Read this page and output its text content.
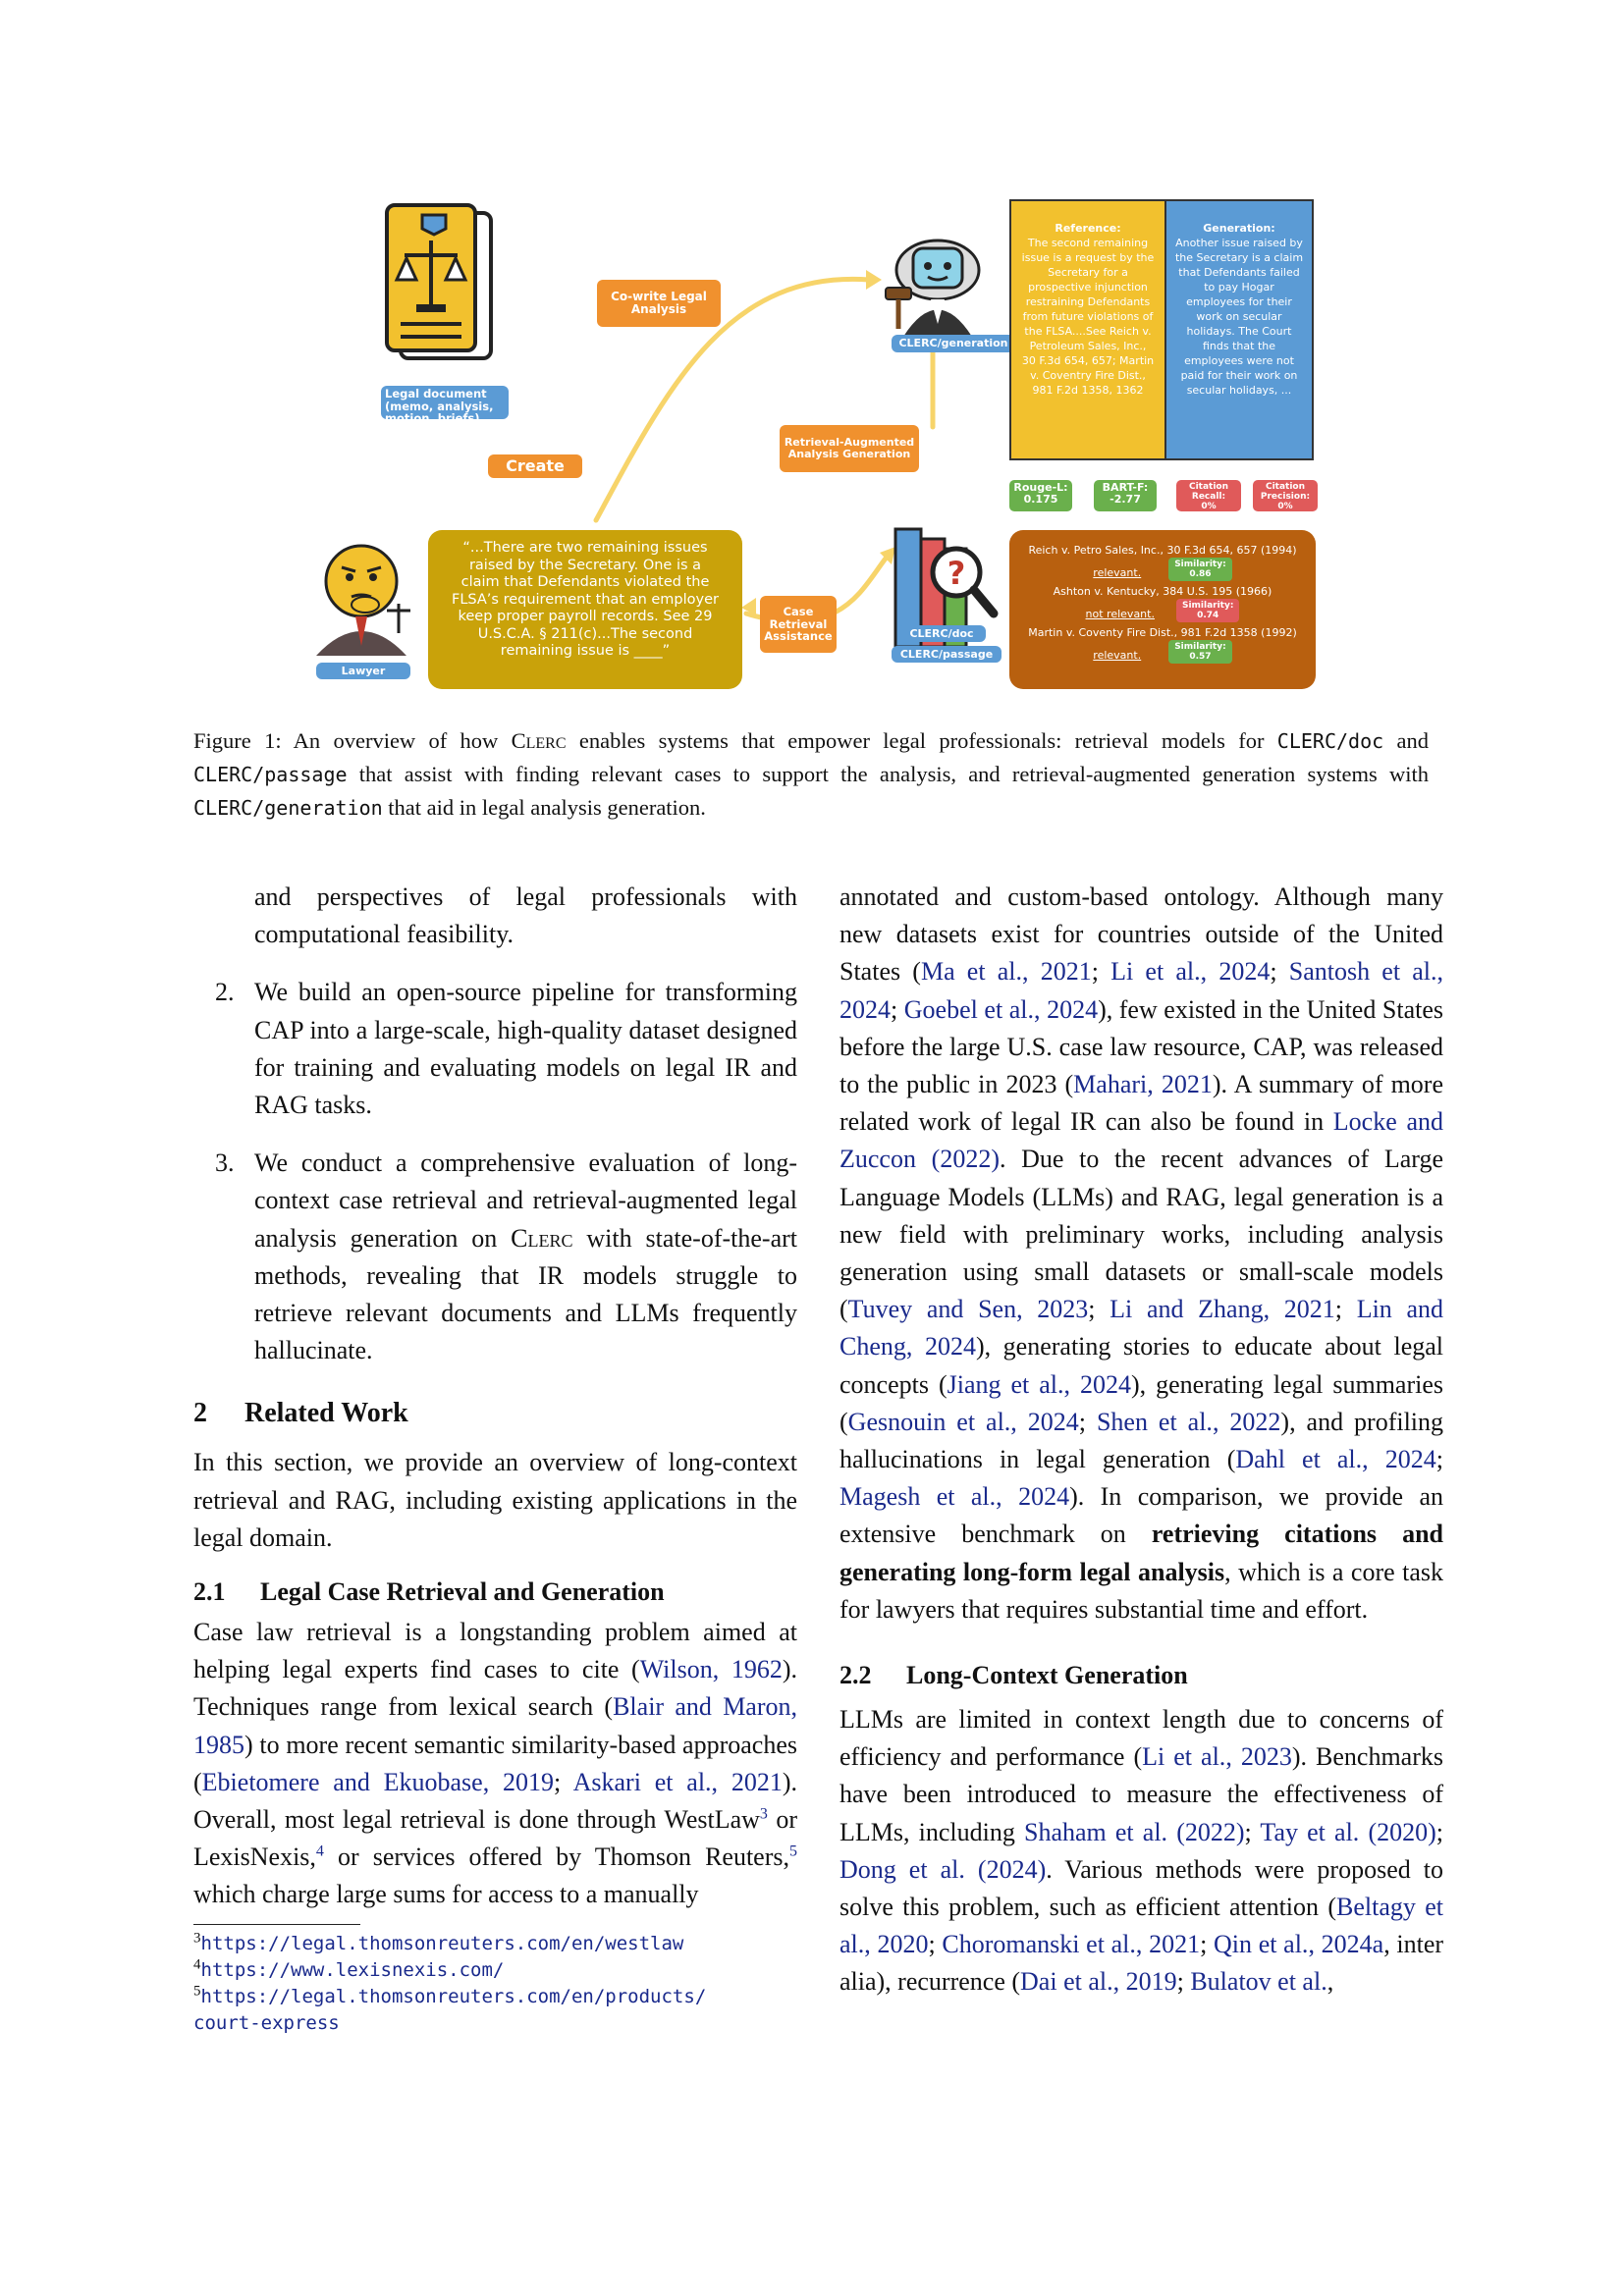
Legal document (memo, analysis, motion, briefs)
Create
Co-write Legal Analysis
Retrieval-Augmented Analysis Generation
CLERC/generation
Reference:
The second remaining issue is a request by the Secretary for a prospective injunction restraining Defendants from future violations of the FLSA....See Reich v. Petroleum Sales, Inc., 30 F.3d 654, 657; Martin v. Coventry Fire Dist., 981 F.2d 1358, 1362
Generation:
Another issue raised by the Secretary is a claim that Defendants failed to pay Hogar employees for their work on secular holidays. The Court finds that the employees were not paid for their work on secular holidays, ...
Rouge-L:
0.175
BART-F:
-2.77
Citation Recall:
0%
Citation Precision:
0%
Lawyer
“...There are two remaining issues raised by the Secretary. One is a claim that Defendants violated the FLSA’s requirement that an employer keep proper payroll records. See 29 U.S.C.A. § 211(c)...The second remaining issue is ____”
Case Retrieval Assistance
?
CLERC/doc
CLERC/passage
Reich v. Petro Sales, Inc., 30 F.3d 654, 657 (1994)
relevant.Similarity:
0.86
Ashton v. Kentucky, 384 U.S. 195 (1966)
not relevant.Similarity:
0.74
Martin v. Coventy Fire Dist., 981 F.2d 1358 (1992)
relevant.Similarity:
0.57
Figure 1: An overview of how Clerc enables systems that empower legal professionals: retrieval models for CLERC/doc and CLERC/passage that assist with finding relevant cases to support the analysis, and retrieval-augmented generation systems with CLERC/generation that aid in legal analysis generation.

and perspectives of legal professionals with computational feasibility.

2. We build an open-source pipeline for transforming CAP into a large-scale, high-quality dataset designed for training and evaluating models on legal IR and RAG tasks.
3. We conduct a comprehensive evaluation of long-context case retrieval and retrieval-augmented legal analysis generation on Clerc with state-of-the-art methods, revealing that IR models struggle to retrieve relevant documents and LLMs frequently hallucinate.
2 Related Work

In this section, we provide an overview of long-context retrieval and RAG, including existing applications in the legal domain.

2.1 Legal Case Retrieval and Generation

Case law retrieval is a longstanding problem aimed at helping legal experts find cases to cite (Wilson, 1962). Techniques range from lexical search (Blair and Maron, 1985) to more recent semantic similarity-based approaches (Ebietomere and Ekuobase, 2019; Askari et al., 2021). Overall, most legal retrieval is done through WestLaw$^3$ or LexisNexis,$^4$ or services offered by Thomson Reuters,$^5$ which charge large sums for access to a manually

$^3$https://legal.thomsonreuters.com/en/westlaw
$^4$https://www.lexisnexis.com/
$^5$https://legal.thomsonreuters.com/en/products/
court-express

annotated and custom-based ontology. Although many new datasets exist for countries outside of the United States (Ma et al., 2021; Li et al., 2024; Santosh et al., 2024; Goebel et al., 2024), few existed in the United States before the large U.S. case law resource, CAP, was released to the public in 2023 (Mahari, 2021). A summary of more related work of legal IR can also be found in Locke and Zuccon (2022). Due to the recent advances of Large Language Models (LLMs) and RAG, legal generation is a new field with preliminary works, including analysis generation using small datasets or small-scale models (Tuvey and Sen, 2023; Li and Zhang, 2021; Lin and Cheng, 2024), generating stories to educate about legal concepts (Jiang et al., 2024), generating legal summaries (Gesnouin et al., 2024; Shen et al., 2022), and profiling hallucinations in legal generation (Dahl et al., 2024; Magesh et al., 2024). In comparison, we provide an extensive benchmark on retrieving citations and generating long-form legal analysis, which is a core task for lawyers that requires substantial time and effort.

2.2 Long-Context Generation

LLMs are limited in context length due to concerns of efficiency and performance (Li et al., 2023). Benchmarks have been introduced to measure the effectiveness of LLMs, including Shaham et al. (2022); Tay et al. (2020); Dong et al. (2024). Various methods were proposed to solve this problem, such as efficient attention (Beltagy et al., 2020; Choromanski et al., 2021; Qin et al., 2024a, inter alia), recurrence (Dai et al., 2019; Bulatov et al.,
